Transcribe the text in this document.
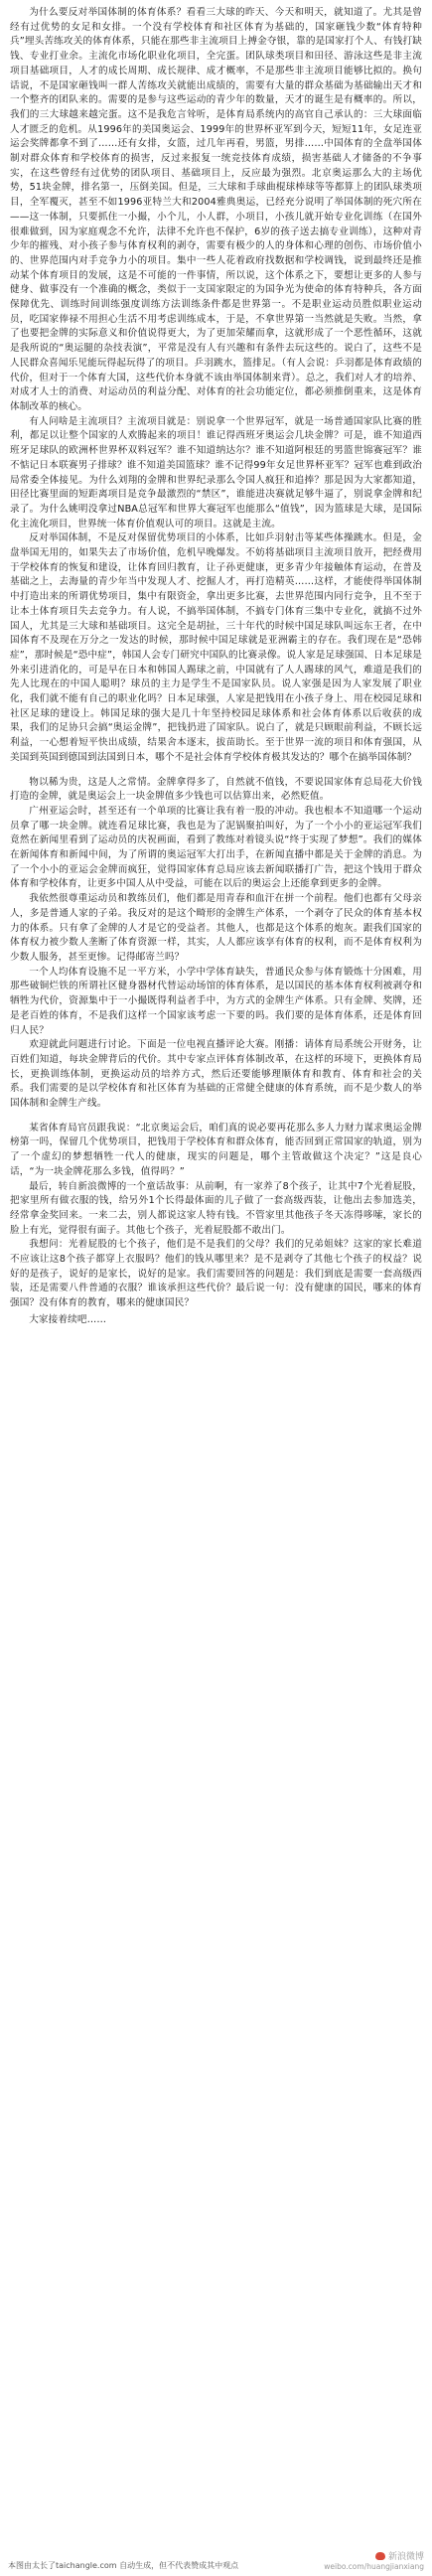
为什么要反对举国体制的体育体系？看看三大球的昨天、今天和明天，就知道了。尤其是曾经有过优势的女足和女排。一个没有学校体育和社区体育为基础的，国家砸钱少数“体育特种兵”埋头苦练攻关的体育体系，只能在那些非主流项目上搏金夺银，靠的是国家打个人、有钱打缺钱、专业打业余。主流化市场化职业化项目，全完蛋。团队球类项目和田径、游泳这些是非主流项目基础项目，人才的成长周期、成长规律、成才概率，不是那些非主流项目能够比拟的。换句话说，不是国家砸钱叫一群人苦练攻关就能出成绩的，需要有大量的群众基础为基础输出天才和一个整齐的团队来的。需要的是参与这些运动的青少年的数量，天才的诞生是有概率的。所以，我们的三大球越来越完蛋。这不是我危言耸听，是体育局系统内的高官自己承认的：三大球面临人才匮乏的危机。从1996年的美国奥运会、1999年的世界杯亚军到今天，短短11年，女足连亚运会奖牌都拿不到了……还有女排，女篮，过几年再看，男篮，男排……中国体育的全盘举国体制对群众体育和学校体育的损害，反过来报复一统竞技体育成绩，损害基础人才储备的不争事实，在这些曾经有过优势的团队项目、基础项目上，反应最为强烈。北京奥运那么大的主场优势，51块金牌，排名第一，压倒美国。但是，三大球和手球曲棍球棒球等等都算上的团队球类项目，全军覆灭，甚至不如1996亚特兰大和2004雅典奥运，已经充分说明了举国体制的死穴所在——这一体制，只要抓住一小撮，小个儿，小人群，小项目，小孩儿就开始专业化训练（在国外很难做到，因为家庭观念不允许，法律不允许也不保护，6岁的孩子送去搞专业训练），这种对青少年的摧残、对小孩子参与体育权利的剥夺，需要有极少的人的身体和心理的创伤、市场价值小的、世界范围内对手竞争力小的项目。集中一些人花着政府找数据和学校调钱，说到最终还是推动某个体育项目的发展，这是不可能的一件事情，所以说，这个体系之下，要想让更多的人参与健身、做事没有一个准确的概念，类似于一支国家限定的为国争光为使命的体育特种兵，各方面保障优先、训练时间训练强度训练方法训练条件都是世界第一。不是职业运动员胜似职业运动员，吃国家俸禄不用担心生活不用考虑训练成本，于是，不拿世界第一当然就是失败。当然，拿了也要把金牌的实际意义和价值说得更大，为了更加荣耀而拿，这就形成了一个恶性循环，这就是我所说的“奥运腿的杂技表演”，平常是没有人有兴趣和有条件去玩这些的。说白了，这些不是人民群众喜闻乐见能玩得起玩得了的项目。乒羽跳水，篮排足。（有人会说：乒羽都是体育政绩的代价，但对于一个体育大国，这些代价本身就不该由举国体制来背）。总之，我们对人才的培养、对成才人士的消费、对运动员的利益分配、对体育的社会功能定位，都必须推倒重来，这是体育体制改革的核心。

有人问啥是主流项目？主流项目就是：别说拿一个世界冠军，就是一场普通国家队比赛的胜利，都足以让整个国家的人欢腾起来的项目！谁记得西班牙奥运会几块金牌？可是，谁不知道西班牙足球队的欧洲杯世界杯双料冠军？谁不知道纳达尔？谁不知道阿根廷的男篮世锦赛冠军？谁不惦记日本联赛男子排球？谁不知道美国篮球？谁不记得99年女足世界杯亚军？冠军也难到政治局常委全体接见。为什么刘翔的金牌和世界纪录那么令国人疯狂和追捧？那是因为大家都知道，田径比赛里面的短距离项目是竞争最激烈的“禁区”，谁能进决赛就足够牛逼了，别说拿金牌和纪录了。为什么姚明没拿过NBA总冠军和世界大赛冠军也能那么“值钱”，因为篮球是大球，是国际化主流化项目，世界统一体育价值观认可的项目。这就是主流。

反对举国体制，不是反对保留优势项目的小体系，比如乒羽射击等某些体操跳水。但是，金盘举国无用的，如果失去了市场价值，危机早晚爆发。不妨将基础项目主流项目放开，把经费用于学校体育的恢复和建设，让体育回归教育，让子孙更健康，更多青少年接触体育运动，在普及基础之上，去海量的青少年当中发现人才、挖掘人才，再打造精英……这样，才能使得举国体制中打造出来的所谓优势项目，集中有限资金，拿出更多比赛，去世界范围内同行竞争，且不至于让本土体育项目失去竞争力。有人说，不搞举国体制，不搞专门体育三集中专业化，就搞不过外国人，尤其是三大球和基础项目。这完全是胡扯，三十年代的时候中国足球队叫远东王者，在中国体育不及现在万分之一发达的时候，那时候中国足球就是亚洲霸主的存在。我们现在是“恐韩症”，那时候是“恐中症”，韩国人会专门研究中国队的比赛录像。说人家是足球强国、日本足球是外来引进消化的，可是早在日本和韩国人踢球之前，中国就有了人人踢球的风气，难道是我们的先人比现在的中国人聪明？球员的主力是学生不是国家队员。说人家强是因为人家发展了职业化，我们就不能有自己的职业化吗？日本足球强，人家是把钱用在小孩子身上、用在校园足球和社区足球的建设上。韩国足球的强大是几十年坚持校园足球体系和社会体育体系以后收获的成果，我们的足协只会搞“奥运金牌”，把钱扔进了国家队。说白了，就是只顾眼前利益，不顾长远利益，一心想着短平快出成绩，结果舍本逐末，拔苗助长。至于世界一流的项目和体育强国，从美国到英国到德国到法国到日本，哪个不是社会体育学校体育极其发达的？哪个在搞举国体制？

物以稀为贵，这是人之常情。金牌拿得多了，自然就不值钱，不要说国家体育总局花大价钱打造的金牌，就是奥运会上一块金牌值多少钱也可以估算出来，必然贬值。

广州亚运会时，甚至还有一个单项的比赛让我有着一股的冲动。我也根本不知道哪一个运动员拿了哪一块金牌。就连看足球比赛，我也是为了泥锅聚拍叫好，为了一个小小的亚运冠军我们竟然在新闻里看到了运动员的庆祝画面，看到了教练对着镜头说“终于实现了梦想”。我们的媒体在新闻体育和新闻中间，为了所谓的奥运冠军大打出手，在新闻直播中都是关于金牌的消息。为了一个小小的亚运会金牌而疯狂，觉得国家体育总局应该去新闻联播打广告，把这个钱用于群众体育和学校体育，让更多中国人从中受益，可能在以后的奥运会上还能拿到更多的金牌。

我依然很尊重运动员和教练员们，他们都是用青春和血汗在拼一个前程。他们也都有父母亲人，多是普通人家的子弟。我反对的是这个畸形的金牌生产体系，一个剥夺了民众的体育基本权力的体系。只有拿了金牌的人才是它的受益者。其他人，也都是这个体系的炮灰。跟我们国家的体育权力被少数人垄断了体育资源一样，其实，人人都应该享有体育的权利，而不是体育权利为少数人服务，甚至更惨。记得邮寄兰吗？

一个人均体育设施不足一平方米，小学中学体育缺失，普通民众参与体育锻炼十分困难，用那些破铜烂铁的所谓社区健身器材代替运动场馆的体育体系，是以国民的基本体育权利被剥夺和牺牲为代价，资源集中于一小撮既得利益者手中，为方式的金牌生产体系。只有金牌、奖牌，还是老百姓的体育，不是我们这样一个国家该考虑一下要的吗。我们要的是体育体系，还是体育回归人民？

欢迎就此问题进行讨论。下面是一位电视直播评论大赛。刚播：请体育局系统公开财务，让百姓们知道，每块金牌背后的代价。其中专家点评体育体制改革，在这样的环境下，更换体育局长，更换训练体制，更换运动员的培养方式，然后还要能够理顺体育和教育、体育和社会的关系。我们需要的是以学校体育和社区体育为基础的正常健全健康的体育系统，而不是少数人的举国体制和金牌生产线。

某省体育局官员跟我说：“北京奥运会后，咱们真的说必要再花那么多人力财力谋求奥运金牌榜第一吗，保留几个优势项目，把钱用于学校体育和群众体育，能否回到正常国家的轨道，别为了一个虚幻的梦想牺牲一代人的健康，现实的问题是，哪个主管敢做这个决定？”这是良心话，“为一块金牌花那么多钱，值得吗？”

最后，转自新浪微博的一个童话故事：从前啊，有一家养了8个孩子，让其中7个光着屁股，把家里所有做衣服的钱，给另外1个长得最体面的儿子做了一套高级西装，让他出去参加选美，经常拿金奖回来。一来二去，别人都说这家人特有钱。不管家里其他孩子冬天冻得哆嗦，家长的脸上有光，觉得很有面子。其他七个孩子，光着屁股都不敢出门。

我想问：光着屁股的七个孩子，他们是不是我们的父母？我们的兄弟姐妹？这家的家长难道不应该让这8个孩子都穿上衣服吗？他们的钱从哪里来？是不是剥夺了其他七个孩子的权益？说好的是孩子，说好的是家长，说好的是家。我们需要回答的问题是：我们到底是需要一套高级西装，还是需要八件普通的衣服？谁该承担这些代价？最后说一句：没有健康的国民，哪来的体育强国？没有体育的教育，哪来的健康国民？

大家接着续吧……

本图由太长了taichangle.com 自动生成，但不代表赞成其中观点
新浪微博
weibo.com/huangjianxiang
